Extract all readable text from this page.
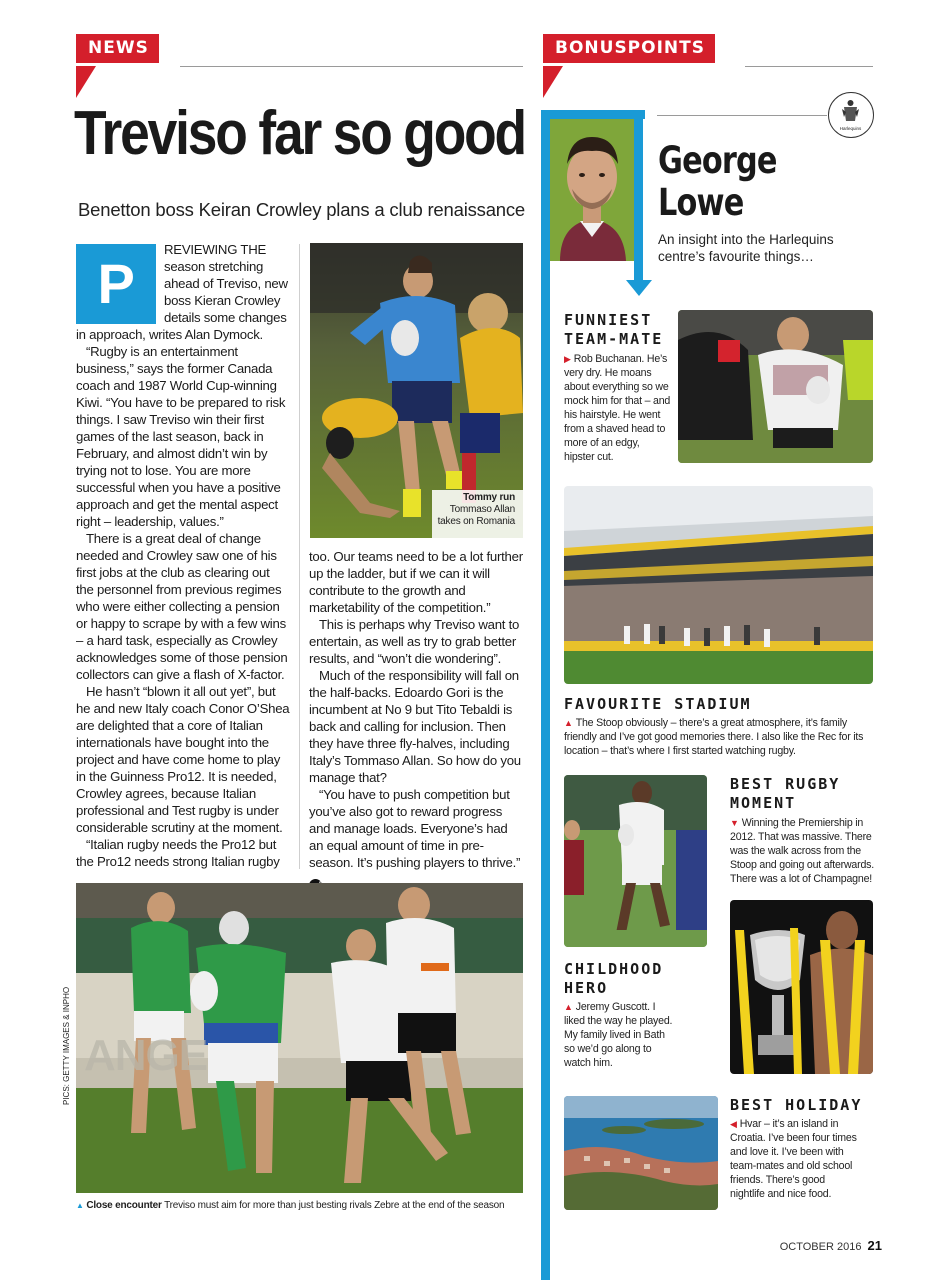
NEWS
Treviso far so good
Benetton boss Keiran Crowley plans a club renaissance
P

REVIEWING THE season stretching ahead of Treviso, new boss Kieran Crowley details some changes in approach, writes Alan Dymock.

“Rugby is an entertainment business,” says the former Canada coach and 1987 World Cup-winning Kiwi. “You have to be prepared to risk things. I saw Treviso win their first games of the last season, back in February, and almost didn’t win by trying not to lose. You are more successful when you have a positive approach and get the mental aspect right – leadership, values.”

There is a great deal of change needed and Crowley saw one of his first jobs at the club as clearing out the personnel from previous regimes who were either collecting a pension or happy to scrape by with a few wins – a hard task, especially as Crowley acknowledges some of those pension collectors can give a flash of X-factor.

He hasn’t “blown it all out yet”, but he and new Italy coach Conor O’Shea are delighted that a core of Italian internationals have bought into the project and have come home to play in the Guinness Pro12. It is needed, Crowley agrees, because Italian professional and Test rugby is under considerable scrutiny at the moment.

“Italian rugby needs the Pro12 but the Pro12 needs strong Italian rugby

Tommy run
Tommaso Allan
takes on Romania

too. Our teams need to be a lot further up the ladder, but if we can it will contribute to the growth and marketability of the competition.”

This is perhaps why Treviso want to entertain, as well as try to grab better results, and “won’t die wondering”.

Much of the responsibility will fall on the half-backs. Edoardo Gori is the incumbent at No 9 but Tito Tebaldi is back and calling for inclusion. Then they have three fly-halves, including Italy’s Tommaso Allan. So how do you manage that?

“You have to push competition but you’ve also got to reward progress and manage loads. Everyone’s had an equal amount of time in pre-season. It’s pushing players to thrive.”

ANGE
PICS: GETTY IMAGES & INPHO
▲ Close encounter Treviso must aim for more than just besting rivals Zebre at the end of the season
BONUSPOINTS
Harlequins
George
Lowe
An insight into the Harlequins centre’s favourite things…
FUNNIEST
TEAM-MATE
▶ Rob Buchanan. He’s very dry. He moans about everything so we mock him for that – and his hairstyle. He went from a shaved head to more of an edgy, hipster cut.
FAVOURITE STADIUM
▲ The Stoop obviously – there’s a great atmosphere, it’s family friendly and I’ve got good memories there. I also like the Rec for its location – that’s where I first started watching rugby.
BEST RUGBY
MOMENT
▼ Winning the Premiership in 2012. That was massive. There was the walk across from the Stoop and going out afterwards. There was a lot of Champagne!
CHILDHOOD HERO
▲ Jeremy Guscott. I liked the way he played. My family lived in Bath so we’d go along to watch him.
BEST HOLIDAY
◀ Hvar – it’s an island in Croatia. I’ve been four times and love it. I’ve been with team-mates and old school friends. There’s good nightlife and nice food.
OCTOBER 2016 21
